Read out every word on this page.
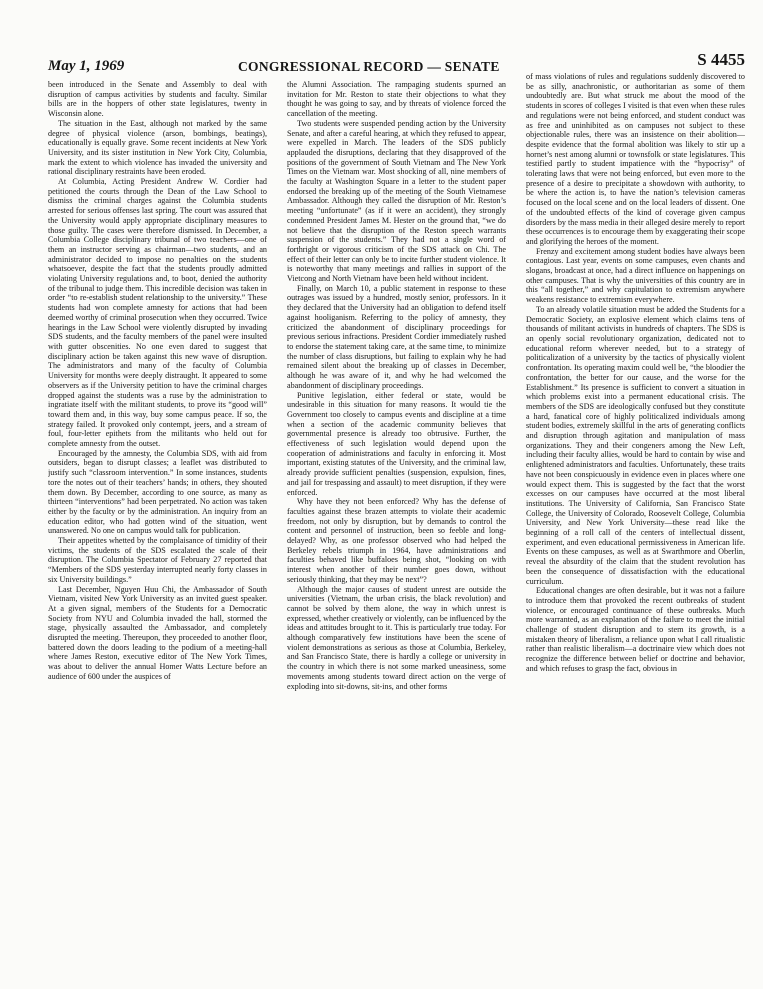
May 1, 1969	CONGRESSIONAL RECORD — SENATE	S 4455

been introduced in the Senate and Assembly to deal with disruption of campus activities by students and faculty. Similar bills are in the hoppers of other state legislatures, twenty in Wisconsin alone.

The situation in the East, although not marked by the same degree of physical violence (arson, bombings, beatings), educationally is equally grave. Some recent incidents at New York University, and its sister institution in New York City, Columbia, mark the extent to which violence has invaded the university and rational disciplinary restraints have been eroded.

At Columbia, Acting President Andrew W. Cordier had petitioned the courts through the Dean of the Law School to dismiss the criminal charges against the Columbia students arrested for serious offenses last spring. The court was assured that the University would apply appropriate disciplinary measures to those guilty. The cases were therefore dismissed. In December, a Columbia College disciplinary tribunal of two teachers—one of them an instructor serving as chairman—two students, and an administrator decided to impose no penalties on the students whatsoever, despite the fact that the students proudly admitted violating University regulations and, to boot, denied the authority of the tribunal to judge them. This incredible decision was taken in order “to re-establish student relationship to the university.” These students had won complete amnesty for actions that had been deemed worthy of criminal prosecution when they occurred. Twice hearings in the Law School were violently disrupted by invading SDS students, and the faculty members of the panel were insulted with gutter obscenities. No one even dared to suggest that disciplinary action be taken against this new wave of disruption. The administrators and many of the faculty of Columbia University for months were deeply distraught. It appeared to some observers as if the University petition to have the criminal charges dropped against the students was a ruse by the administration to ingratiate itself with the militant students, to prove its “good will” toward them and, in this way, buy some campus peace. If so, the strategy failed. It provoked only contempt, jeers, and a stream of foul, four-letter epithets from the militants who held out for complete amnesty from the outset.

Encouraged by the amnesty, the Columbia SDS, with aid from outsiders, began to disrupt classes; a leaflet was distributed to justify such “classroom intervention.” In some instances, students tore the notes out of their teachers’ hands; in others, they shouted them down. By December, according to one source, as many as thirteen “interventions” had been perpetrated. No action was taken either by the faculty or by the administration. An inquiry from an education editor, who had gotten wind of the situation, went unanswered. No one on campus would talk for publication.

Their appetites whetted by the complaisance of timidity of their victims, the students of the SDS escalated the scale of their disruption. The Columbia Spectator of February 27 reported that “Members of the SDS yesterday interrupted nearly forty classes in six University buildings.”

Last December, Nguyen Huu Chi, the Ambassador of South Vietnam, visited New York University as an invited guest speaker. At a given signal, members of the Students for a Democratic Society from NYU and Columbia invaded the hall, stormed the stage, physically assaulted the Ambassador, and completely disrupted the meeting. Thereupon, they proceeded to another floor, battered down the doors leading to the podium of a meeting-hall where James Reston, executive editor of The New York Times, was about to deliver the annual Homer Watts Lecture before an audience of 600 under the auspices of

the Alumni Association. The rampaging students spurned an invitation for Mr. Reston to state their objections to what they thought he was going to say, and by threats of violence forced the cancellation of the meeting.

Two students were suspended pending action by the University Senate, and after a careful hearing, at which they refused to appear, were expelled in March. The leaders of the SDS publicly applauded the disruptions, declaring that they disapproved of the positions of the government of South Vietnam and The New York Times on the Vietnam war. Most shocking of all, nine members of the faculty at Washington Square in a letter to the student paper endorsed the breaking up of the meeting of the South Vietnamese Ambassador. Although they called the disruption of Mr. Reston’s meeting “unfortunate” (as if it were an accident), they strongly condemned President James M. Hester on the ground that, “we do not believe that the disruption of the Reston speech warrants suspension of the students.” They had not a single word of forthright or vigorous criticism of the SDS attack on Chi. The effect of their letter can only be to incite further student violence. It is noteworthy that many meetings and rallies in support of the Vietcong and North Vietnam have been held without incident.

Finally, on March 10, a public statement in response to these outrages was issued by a hundred, mostly senior, professors. In it they declared that the University had an obligation to defend itself against hooliganism. Referring to the policy of amnesty, they criticized the abandonment of disciplinary proceedings for previous serious infractions. President Cordier immediately rushed to endorse the statement taking care, at the same time, to minimize the number of class disruptions, but failing to explain why he had remained silent about the breaking up of classes in December, although he was aware of it, and why he had welcomed the abandonment of disciplinary proceedings.

Punitive legislation, either federal or state, would be undesirable in this situation for many reasons. It would tie the Government too closely to campus events and discipline at a time when a section of the academic community believes that governmental presence is already too obtrusive. Further, the effectiveness of such legislation would depend upon the cooperation of administrations and faculty in enforcing it. Most important, existing statutes of the University, and the criminal law, already provide sufficient penalties (suspension, expulsion, fines, and jail for trespassing and assault) to meet disruption, if they were enforced.

Why have they not been enforced? Why has the defense of faculties against these brazen attempts to violate their academic freedom, not only by disruption, but by demands to control the content and personnel of instruction, been so feeble and long-delayed? Why, as one professor observed who had helped the Berkeley rebels triumph in 1964, have administrations and faculties behaved like buffaloes being shot, “looking on with interest when another of their number goes down, without seriously thinking, that they may be next”?

Although the major causes of student unrest are outside the universities (Vietnam, the urban crisis, the black revolution) and cannot be solved by them alone, the way in which unrest is expressed, whether creatively or violently, can be influenced by the ideas and attitudes brought to it. This is particularly true today. For although comparatively few institutions have been the scene of violent demonstrations as serious as those at Columbia, Berkeley, and San Francisco State, there is hardly a college or university in the country in which there is not some marked uneasiness, some movements among students toward direct action on the verge of exploding into sit-downs, sit-ins, and other forms

of mass violations of rules and regulations suddenly discovered to be as silly, anachronistic, or authoritarian as some of them undoubtedly are. But what struck me about the mood of the students in scores of colleges I visited is that even when these rules and regulations were not being enforced, and student conduct was as free and uninhibited as on campuses not subject to these objectionable rules, there was an insistence on their abolition—despite evidence that the formal abolition was likely to stir up a hornet’s nest among alumni or townsfolk or state legislatures. This testified partly to student impatience with the “hypocrisy” of tolerating laws that were not being enforced, but even more to the presence of a desire to precipitate a showdown with authority, to be where the action is, to have the nation’s television cameras focused on the local scene and on the local leaders of dissent. One of the undoubted effects of the kind of coverage given campus disorders by the mass media in their alleged desire merely to report these occurrences is to encourage them by exaggerating their scope and glorifying the heroes of the moment.

Frenzy and excitement among student bodies have always been contagious. Last year, events on some campuses, even chants and slogans, broadcast at once, had a direct influence on happenings on other campuses. That is why the universities of this country are in this “all together,” and why capitulation to extremism anywhere weakens resistance to extremism everywhere.

To an already volatile situation must be added the Students for a Democratic Society, an explosive element which claims tens of thousands of militant activists in hundreds of chapters. The SDS is an openly social revolutionary organization, dedicated not to educational reform wherever needed, but to a strategy of politicalization of a university by the tactics of physically violent confrontation. Its operating maxim could well be, “the bloodier the confrontation, the better for our cause, and the worse for the Establishment.” Its presence is sufficient to convert a situation in which problems exist into a permanent educational crisis. The members of the SDS are ideologically confused but they constitute a hard, fanatical core of highly politicalized individuals among student bodies, extremely skillful in the arts of generating conflicts and disruption through agitation and manipulation of mass organizations. They and their congeners among the New Left, including their faculty allies, would be hard to contain by wise and enlightened administrators and faculties. Unfortunately, these traits have not been conspicuously in evidence even in places where one would expect them. This is suggested by the fact that the worst excesses on our campuses have occurred at the most liberal institutions. The University of California, San Francisco State College, the University of Colorado, Roosevelt College, Columbia University, and New York University—these read like the beginning of a roll call of the centers of intellectual dissent, experiment, and even educational permissiveness in American life. Events on these campuses, as well as at Swarthmore and Oberlin, reveal the absurdity of the claim that the student revolution has been the consequence of dissatisfaction with the educational curriculum.

Educational changes are often desirable, but it was not a failure to introduce them that provoked the recent outbreaks of student violence, or encouraged continuance of these outbreaks. Much more warranted, as an explanation of the failure to meet the initial challenge of student disruption and to stem its growth, is a mistaken theory of liberalism, a reliance upon what I call ritualistic rather than realistic liberalism—a doctrinaire view which does not recognize the difference between belief or doctrine and behavior, and which refuses to grasp the fact, obvious in
